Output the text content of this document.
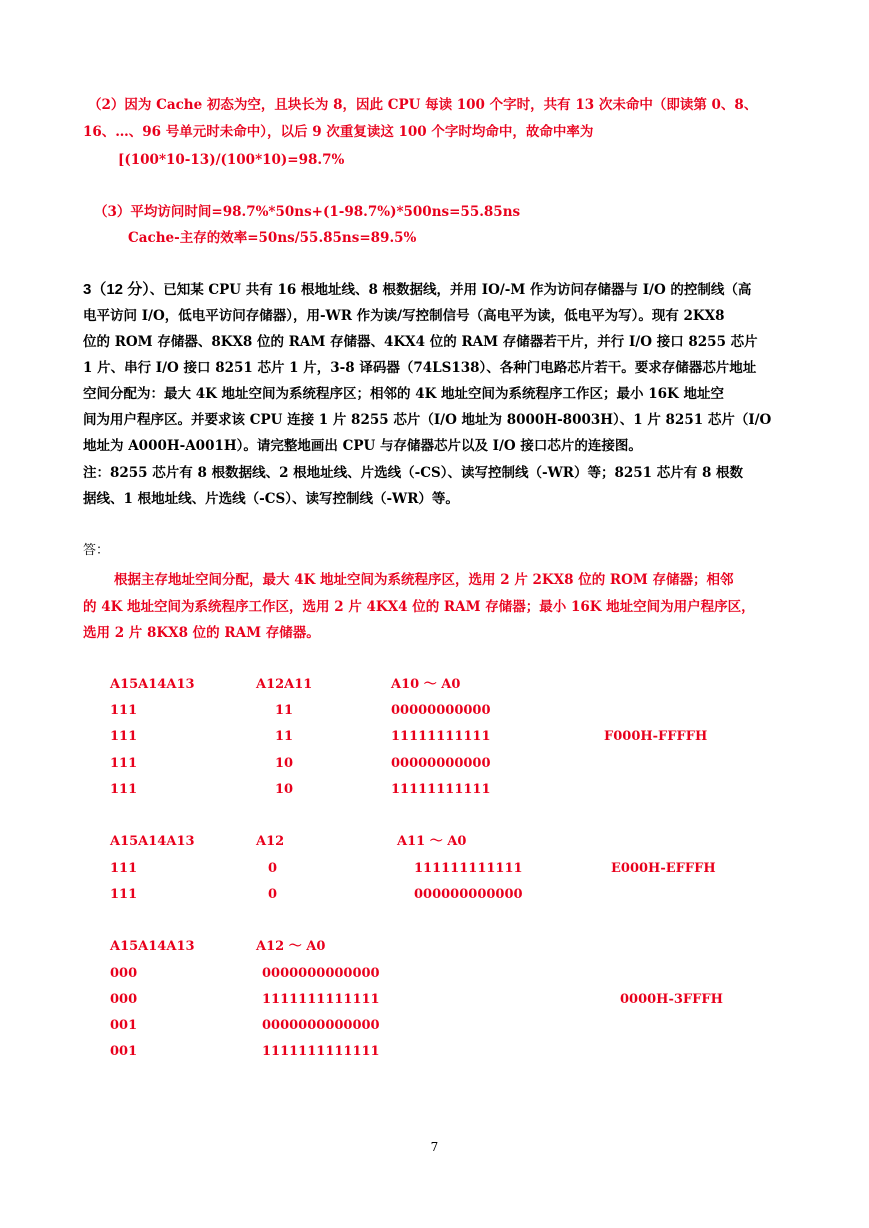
（2）因为 Cache 初态为空，且块长为 8，因此 CPU 每读 100 个字时，共有 13 次未命中（即读第 0、8、
16、…、96 号单元时未命中），以后 9 次重复读这 100 个字时均命中，故命中率为
[(100*10-13)/(100*10)=98.7%
（3）平均访问时间=98.7%*50ns+(1-98.7%)*500ns=55.85ns
Cache-主存的效率=50ns/55.85ns=89.5%
3（12 分）、已知某 CPU 共有 16 根地址线、8 根数据线，并用 IO/-M 作为访问存储器与 I/O 的控制线（高
电平访问 I/O，低电平访问存储器），用-WR 作为读/写控制信号（高电平为读，低电平为写）。现有 2KX8
位的 ROM 存储器、8KX8 位的 RAM 存储器、4KX4 位的 RAM 存储器若干片，并行 I/O 接口 8255 芯片
1 片、串行 I/O 接口 8251 芯片 1 片，3-8 译码器（74LS138）、各种门电路芯片若干。要求存储器芯片地址
空间分配为：最大 4K 地址空间为系统程序区；相邻的 4K 地址空间为系统程序工作区；最小 16K 地址空
间为用户程序区。并要求该 CPU 连接 1 片 8255 芯片（I/O 地址为 8000H-8003H）、1 片 8251 芯片（I/O
地址为 A000H-A001H）。请完整地画出 CPU 与存储器芯片以及 I/O 接口芯片的连接图。
注：8255 芯片有 8 根数据线、2 根地址线、片选线（-CS）、读写控制线（-WR）等；8251 芯片有 8 根数
据线、1 根地址线、片选线（-CS）、读写控制线（-WR）等。
答：
根据主存地址空间分配，最大 4K 地址空间为系统程序区，选用 2 片 2KX8 位的 ROM 存储器；相邻
的 4K 地址空间为系统程序工作区，选用 2 片 4KX4 位的 RAM 存储器；最小 16K 地址空间为用户程序区，
选用 2 片 8KX8 位的 RAM 存储器。
A15A14A13	A12A11	A10 ～ A0
111	11	00000000000
111	11	11111111111	F000H-FFFFH
111	10	00000000000
111	10	11111111111
A15A14A13	A12	A11 ～ A0
111	0	111111111111	E000H-EFFFH
111	0	000000000000
A15A14A13	A12 ～ A0
000	0000000000000
000	1111111111111	0000H-3FFFH
001	0000000000000
001	1111111111111
7
